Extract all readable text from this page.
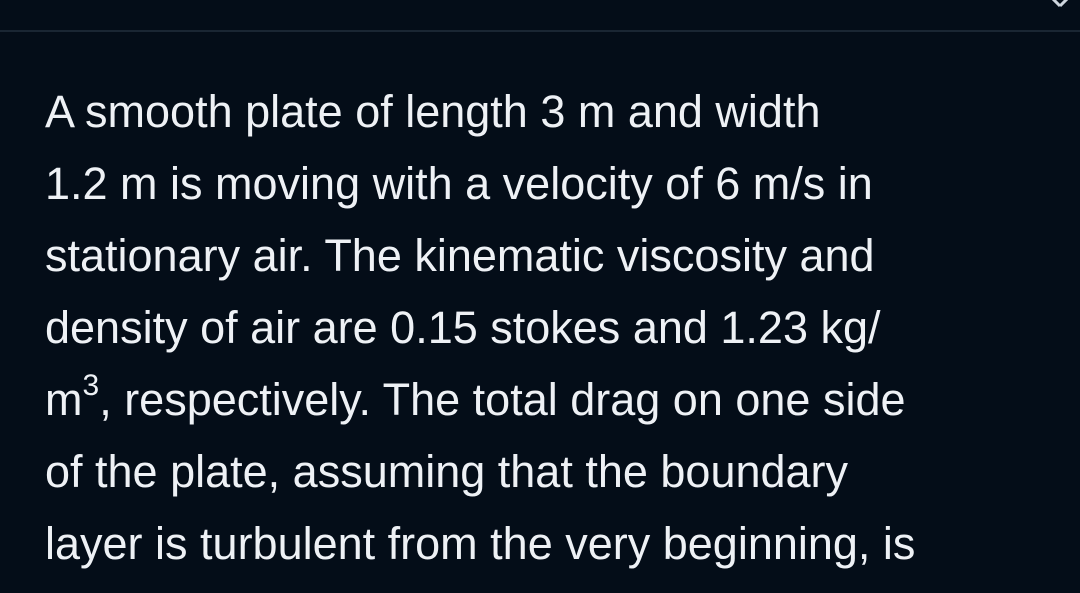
A smooth plate of length 3 m and width
1.2 m is moving with a velocity of 6 m/s in
stationary air. The kinematic viscosity and
density of air are 0.15 stokes and 1.23 kg/
$m^3$, respectively. The total drag on one side
of the plate, assuming that the boundary
layer is turbulent from the very beginning, is
